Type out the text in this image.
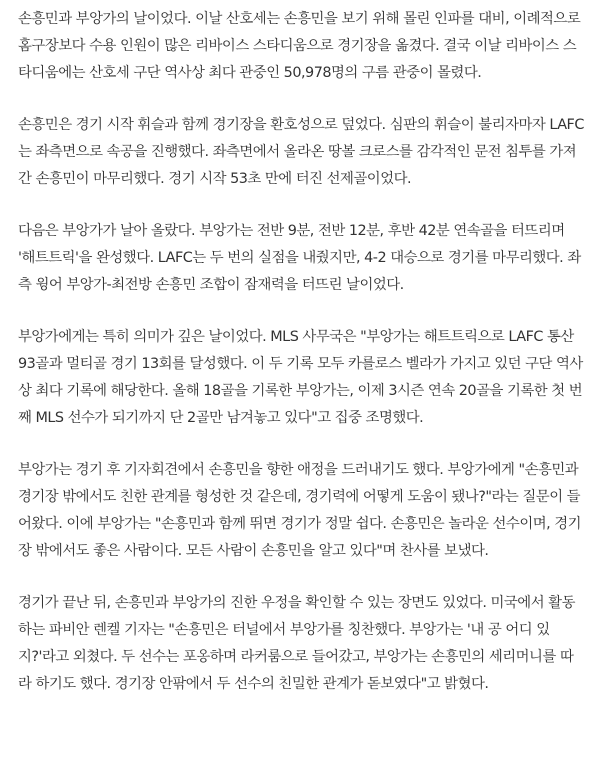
손흥민과 부앙가의 날이었다. 이날 산호세는 손흥민을 보기 위해 몰린 인파를 대비, 이례적으로 홈구장보다 수용 인원이 많은 리바이스 스타디움으로 경기장을 옮겼다. 결국 이날 리바이스 스타디움에는 산호세 구단 역사상 최다 관중인 50,978명의 구름 관중이 몰렸다.

손흥민은 경기 시작 휘슬과 함께 경기장을 환호성으로 덮었다. 심판의 휘슬이 불리자마자 LAFC는 좌측면으로 속공을 진행했다. 좌측면에서 올라온 땅볼 크로스를 감각적인 문전 침투를 가져간 손흥민이 마무리했다. 경기 시작 53초 만에 터진 선제골이었다.

다음은 부앙가가 날아 올랐다. 부앙가는 전반 9분, 전반 12분, 후반 42분 연속골을 터뜨리며 '해트트릭'을 완성했다. LAFC는 두 번의 실점을 내줬지만, 4-2 대승으로 경기를 마무리했다. 좌측 윙어 부앙가-최전방 손흥민 조합이 잠재력을 터뜨린 날이었다.

부앙가에게는 특히 의미가 깊은 날이었다. MLS 사무국은 "부앙가는 해트트릭으로 LAFC 통산 93골과 멀티골 경기 13회를 달성했다. 이 두 기록 모두 카를로스 벨라가 가지고 있던 구단 역사상 최다 기록에 해당한다. 올해 18골을 기록한 부앙가는, 이제 3시즌 연속 20골을 기록한 첫 번째 MLS 선수가 되기까지 단 2골만 남겨놓고 있다"고 집중 조명했다.

부앙가는 경기 후 기자회견에서 손흥민을 향한 애정을 드러내기도 했다. 부앙가에게 "손흥민과 경기장 밖에서도 친한 관계를 형성한 것 같은데, 경기력에 어떻게 도움이 됐나?"라는 질문이 들어왔다. 이에 부앙가는 "손흥민과 함께 뛰면 경기가 정말 쉽다. 손흥민은 놀라운 선수이며, 경기장 밖에서도 좋은 사람이다. 모든 사람이 손흥민을 알고 있다"며 찬사를 보냈다.

경기가 끝난 뒤, 손흥민과 부앙가의 진한 우정을 확인할 수 있는 장면도 있었다. 미국에서 활동하는 파비안 렌켈 기자는 "손흥민은 터널에서 부앙가를 칭찬했다. 부앙가는 '내 공 어디 있지?'라고 외쳤다. 두 선수는 포옹하며 라커룸으로 들어갔고, 부앙가는 손흥민의 세리머니를 따라 하기도 했다. 경기장 안팎에서 두 선수의 친밀한 관계가 돋보였다"고 밝혔다.
